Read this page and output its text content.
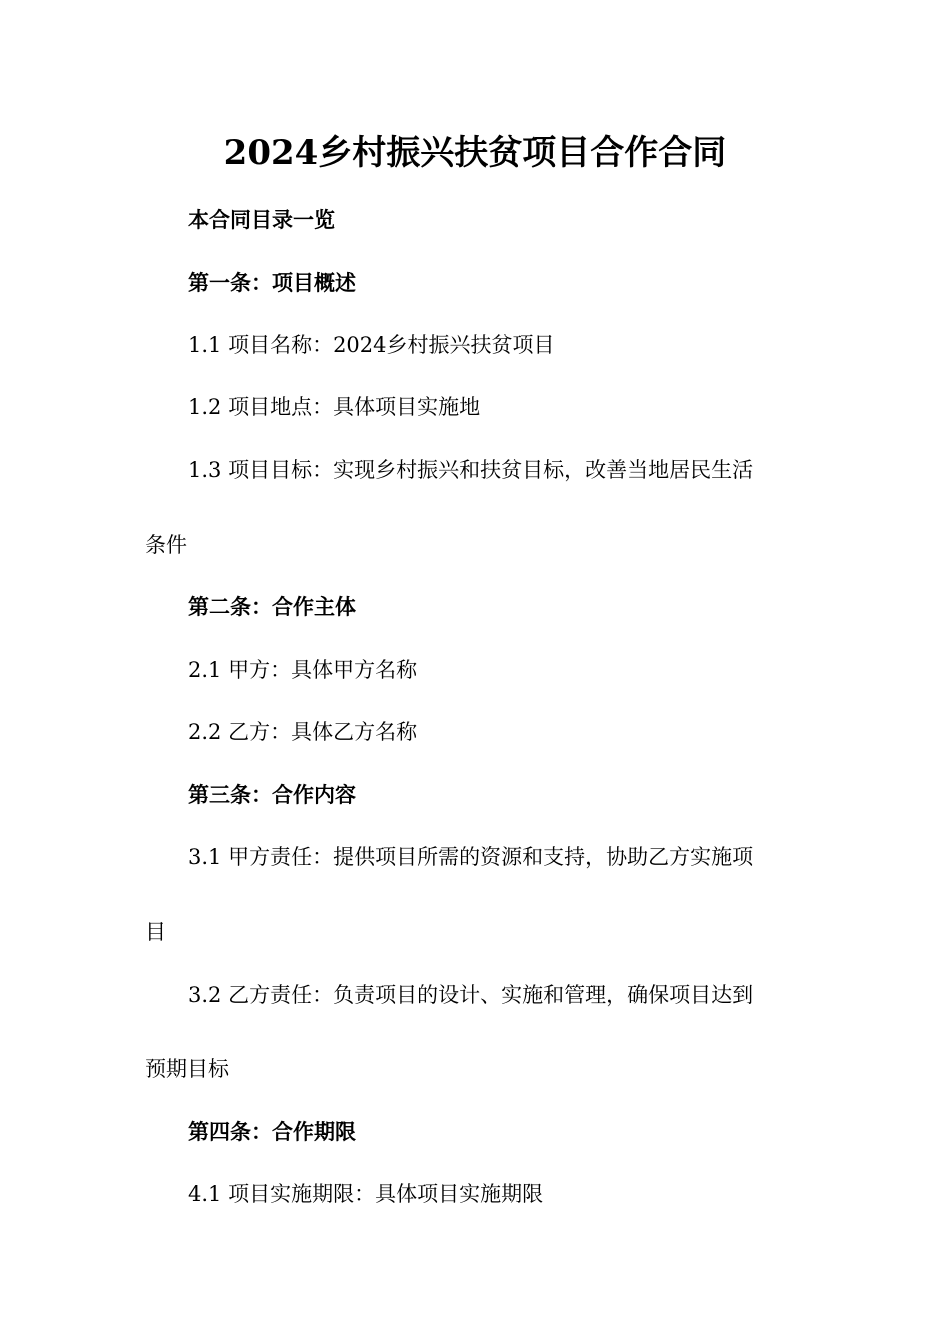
2024乡村振兴扶贫项目合作合同
本合同目录一览
第一条：项目概述
1.1 项目名称：2024乡村振兴扶贫项目
1.2 项目地点：具体项目实施地
1.3 项目目标：实现乡村振兴和扶贫目标，改善当地居民生活
条件
第二条：合作主体
2.1 甲方：具体甲方名称
2.2 乙方：具体乙方名称
第三条：合作内容
3.1 甲方责任：提供项目所需的资源和支持，协助乙方实施项
目
3.2 乙方责任：负责项目的设计、实施和管理，确保项目达到
预期目标
第四条：合作期限
4.1 项目实施期限：具体项目实施期限
